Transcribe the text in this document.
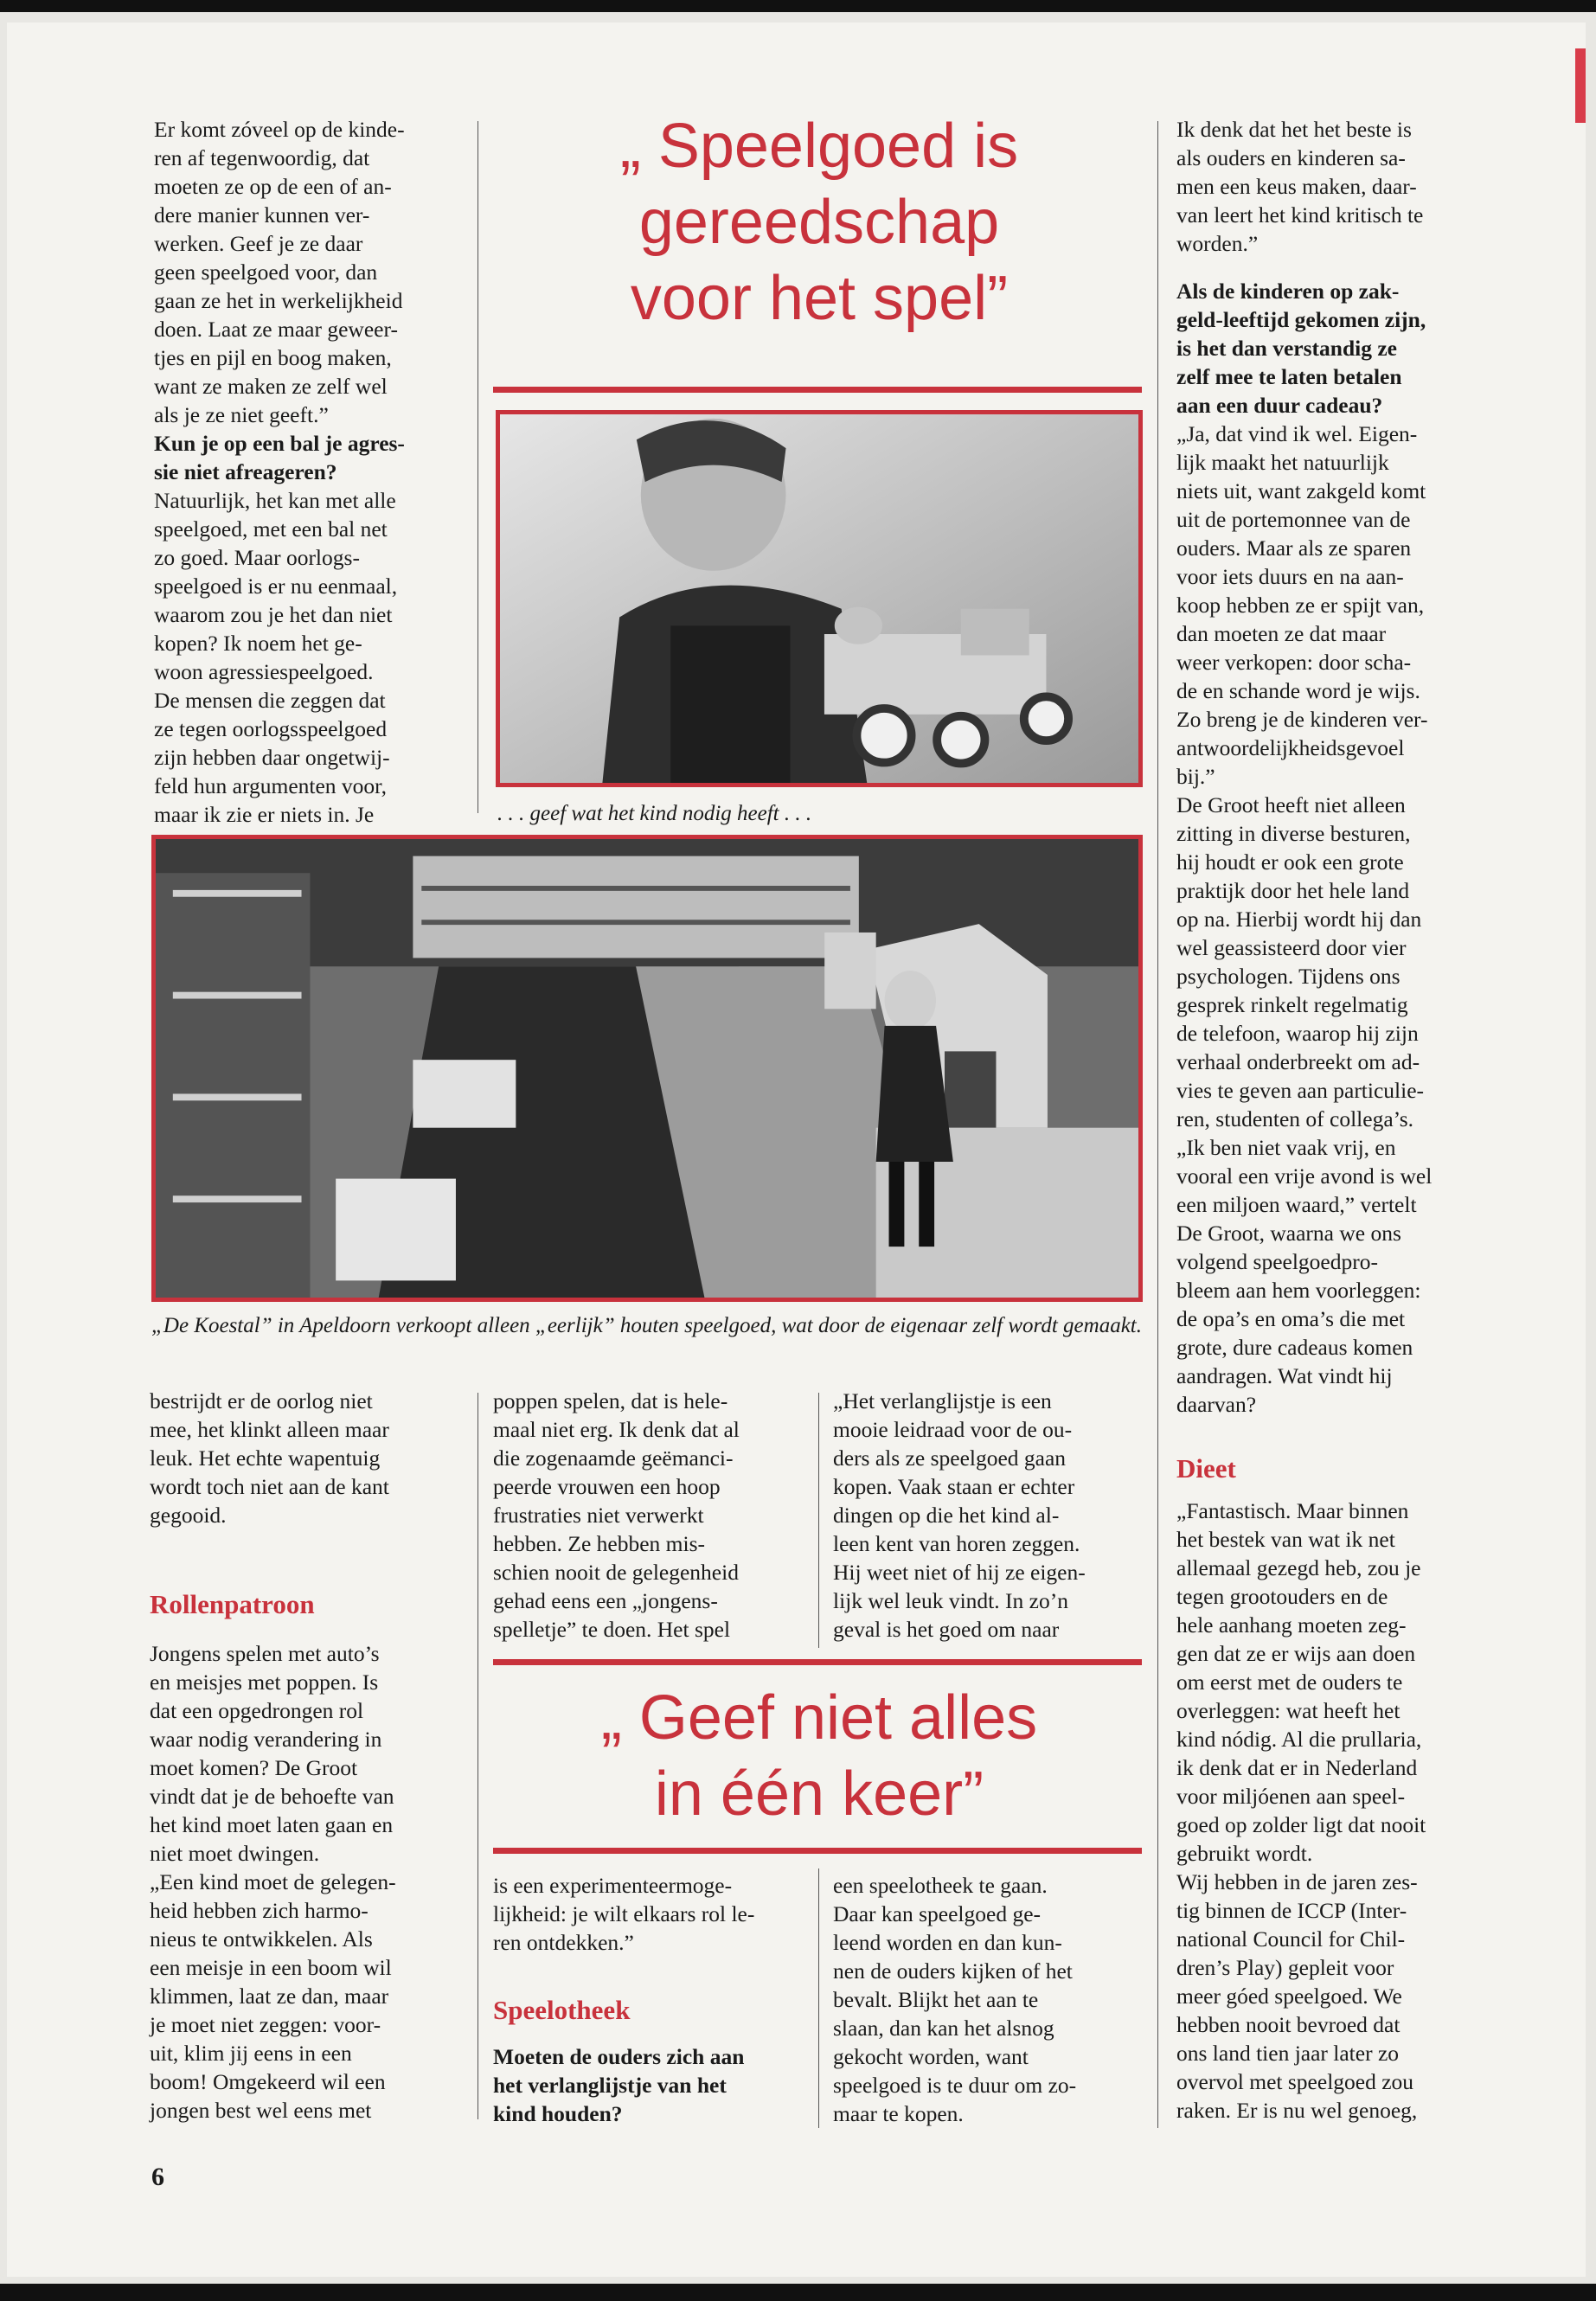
Er komt zóveel op de kinde-
ren af tegenwoordig, dat
moeten ze op de een of an-
dere manier kunnen ver-
werken. Geef je ze daar
geen speelgoed voor, dan
gaan ze het in werkelijkheid
doen. Laat ze maar geweer-
tjes en pijl en boog maken,
want ze maken ze zelf wel
als je ze niet geeft.”

Kun je op een bal je agres-
sie niet afreageren?

Natuurlijk, het kan met alle
speelgoed, met een bal net
zo goed. Maar oorlogs-
speelgoed is er nu eenmaal,
waarom zou je het dan niet
kopen? Ik noem het ge-
woon agressiespeelgoed.
De mensen die zeggen dat
ze tegen oorlogsspeelgoed
zijn hebben daar ongetwij-
feld hun argumenten voor,
maar ik zie er niets in. Je

„ Speelgoed is
gereedschap
voor het spel”

. . . geef wat het kind nodig heeft . . .

„De Koestal” in Apeldoorn verkoopt alleen „eerlijk” houten speelgoed, wat door de eigenaar zelf wordt gemaakt.

bestrijdt er de oorlog niet
mee, het klinkt alleen maar
leuk. Het echte wapentuig
wordt toch niet aan de kant
gegooid.

Rollenpatroon

Jongens spelen met auto’s
en meisjes met poppen. Is
dat een opgedrongen rol
waar nodig verandering in
moet komen? De Groot
vindt dat je de behoefte van
het kind moet laten gaan en
niet moet dwingen.
„Een kind moet de gelegen-
heid hebben zich harmo-
nieus te ontwikkelen. Als
een meisje in een boom wil
klimmen, laat ze dan, maar
je moet niet zeggen: voor-
uit, klim jij eens in een
boom! Omgekeerd wil een
jongen best wel eens met

poppen spelen, dat is hele-
maal niet erg. Ik denk dat al
die zogenaamde geëmanci-
peerde vrouwen een hoop
frustraties niet verwerkt
hebben. Ze hebben mis-
schien nooit de gelegenheid
gehad eens een „jongens-
spelletje” te doen. Het spel

„Het verlanglijstje is een
mooie leidraad voor de ou-
ders als ze speelgoed gaan
kopen. Vaak staan er echter
dingen op die het kind al-
leen kent van horen zeggen.
Hij weet niet of hij ze eigen-
lijk wel leuk vindt. In zo’n
geval is het goed om naar

„ Geef niet alles
in één keer”

is een experimenteermoge-
lijkheid: je wilt elkaars rol le-
ren ontdekken.”

Speelotheek

Moeten de ouders zich aan
het verlanglijstje van het
kind houden?

een speelotheek te gaan.
Daar kan speelgoed ge-
leend worden en dan kun-
nen de ouders kijken of het
bevalt. Blijkt het aan te
slaan, dan kan het alsnog
gekocht worden, want
speelgoed is te duur om zo-
maar te kopen.

Ik denk dat het het beste is
als ouders en kinderen sa-
men een keus maken, daar-
van leert het kind kritisch te
worden.”

Als de kinderen op zak-
geld-leeftijd gekomen zijn,
is het dan verstandig ze
zelf mee te laten betalen
aan een duur cadeau?

„Ja, dat vind ik wel. Eigen-
lijk maakt het natuurlijk
niets uit, want zakgeld komt
uit de portemonnee van de
ouders. Maar als ze sparen
voor iets duurs en na aan-
koop hebben ze er spijt van,
dan moeten ze dat maar
weer verkopen: door scha-
de en schande word je wijs.
Zo breng je de kinderen ver-
antwoordelijkheidsgevoel
bij.”
De Groot heeft niet alleen
zitting in diverse besturen,
hij houdt er ook een grote
praktijk door het hele land
op na. Hierbij wordt hij dan
wel geassisteerd door vier
psychologen. Tijdens ons
gesprek rinkelt regelmatig
de telefoon, waarop hij zijn
verhaal onderbreekt om ad-
vies te geven aan particulie-
ren, studenten of collega’s.
„Ik ben niet vaak vrij, en
vooral een vrije avond is wel
een miljoen waard,” vertelt
De Groot, waarna we ons
volgend speelgoedpro-
bleem aan hem voorleggen:
de opa’s en oma’s die met
grote, dure cadeaus komen
aandragen. Wat vindt hij
daarvan?

Dieet

„Fantastisch. Maar binnen
het bestek van wat ik net
allemaal gezegd heb, zou je
tegen grootouders en de
hele aanhang moeten zeg-
gen dat ze er wijs aan doen
om eerst met de ouders te
overleggen: wat heeft het
kind nódig. Al die prullaria,
ik denk dat er in Nederland
voor miljóenen aan speel-
goed op zolder ligt dat nooit
gebruikt wordt.
Wij hebben in de jaren zes-
tig binnen de ICCP (Inter-
national Council for Chil-
dren’s Play) gepleit voor
meer góed speelgoed. We
hebben nooit bevroed dat
ons land tien jaar later zo
overvol met speelgoed zou
raken. Er is nu wel genoeg,

6
